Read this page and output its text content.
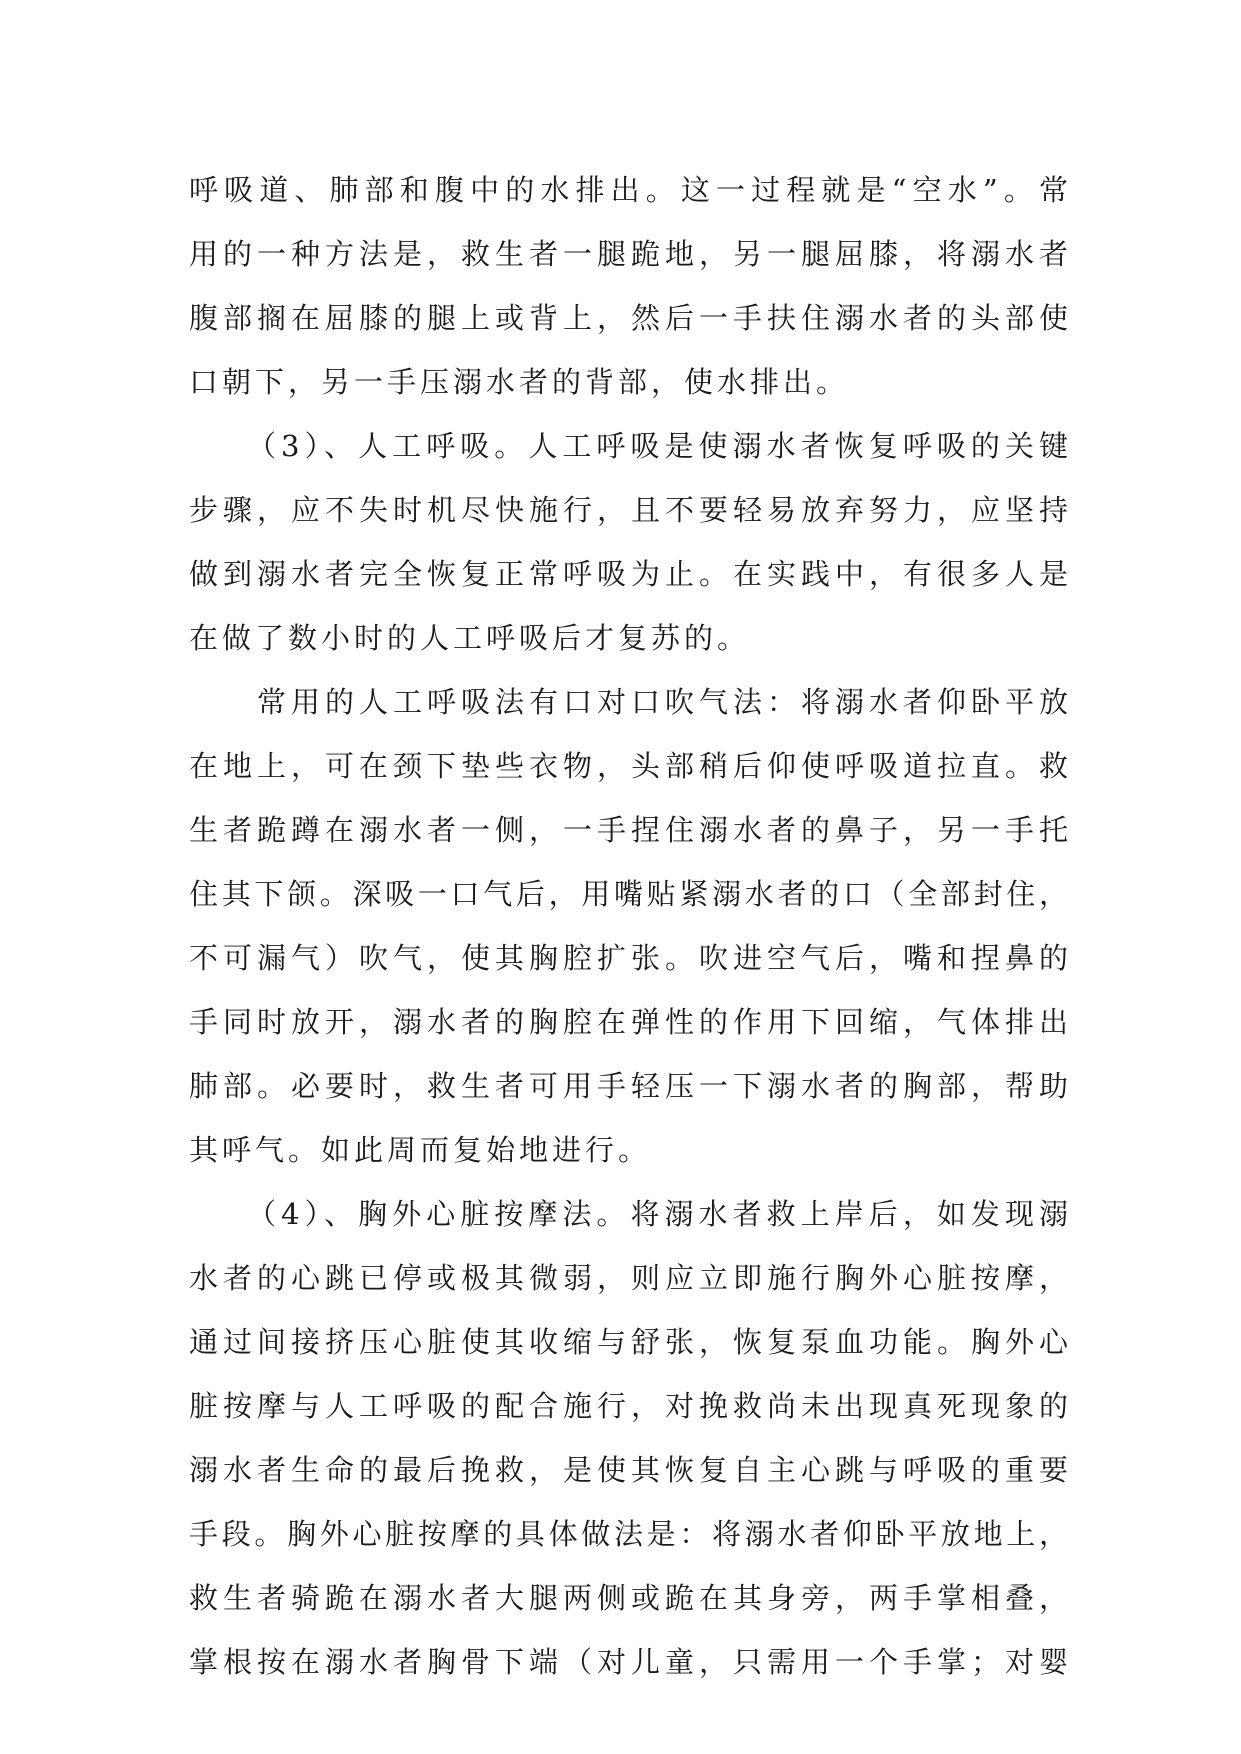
呼吸道、肺部和腹中的水排出。这一过程就是“空水”。常
用的一种方法是，救生者一腿跪地，另一腿屈膝，将溺水者
腹部搁在屈膝的腿上或背上，然后一手扶住溺水者的头部使
口朝下，另一手压溺水者的背部，使水排出。
（3）、人工呼吸。人工呼吸是使溺水者恢复呼吸的关键
步骤，应不失时机尽快施行，且不要轻易放弃努力，应坚持
做到溺水者完全恢复正常呼吸为止。在实践中，有很多人是
在做了数小时的人工呼吸后才复苏的。
常用的人工呼吸法有口对口吹气法：将溺水者仰卧平放
在地上，可在颈下垫些衣物，头部稍后仰使呼吸道拉直。救
生者跪蹲在溺水者一侧，一手捏住溺水者的鼻子，另一手托
住其下颌。深吸一口气后，用嘴贴紧溺水者的口（全部封住，
不可漏气）吹气，使其胸腔扩张。吹进空气后，嘴和捏鼻的
手同时放开，溺水者的胸腔在弹性的作用下回缩，气体排出
肺部。必要时，救生者可用手轻压一下溺水者的胸部，帮助
其呼气。如此周而复始地进行。
（4）、胸外心脏按摩法。将溺水者救上岸后，如发现溺
水者的心跳已停或极其微弱，则应立即施行胸外心脏按摩，
通过间接挤压心脏使其收缩与舒张，恢复泵血功能。胸外心
脏按摩与人工呼吸的配合施行，对挽救尚未出现真死现象的
溺水者生命的最后挽救，是使其恢复自主心跳与呼吸的重要
手段。胸外心脏按摩的具体做法是：将溺水者仰卧平放地上，
救生者骑跪在溺水者大腿两侧或跪在其身旁，两手掌相叠，
掌根按在溺水者胸骨下端（对儿童，只需用一个手掌；对婴
